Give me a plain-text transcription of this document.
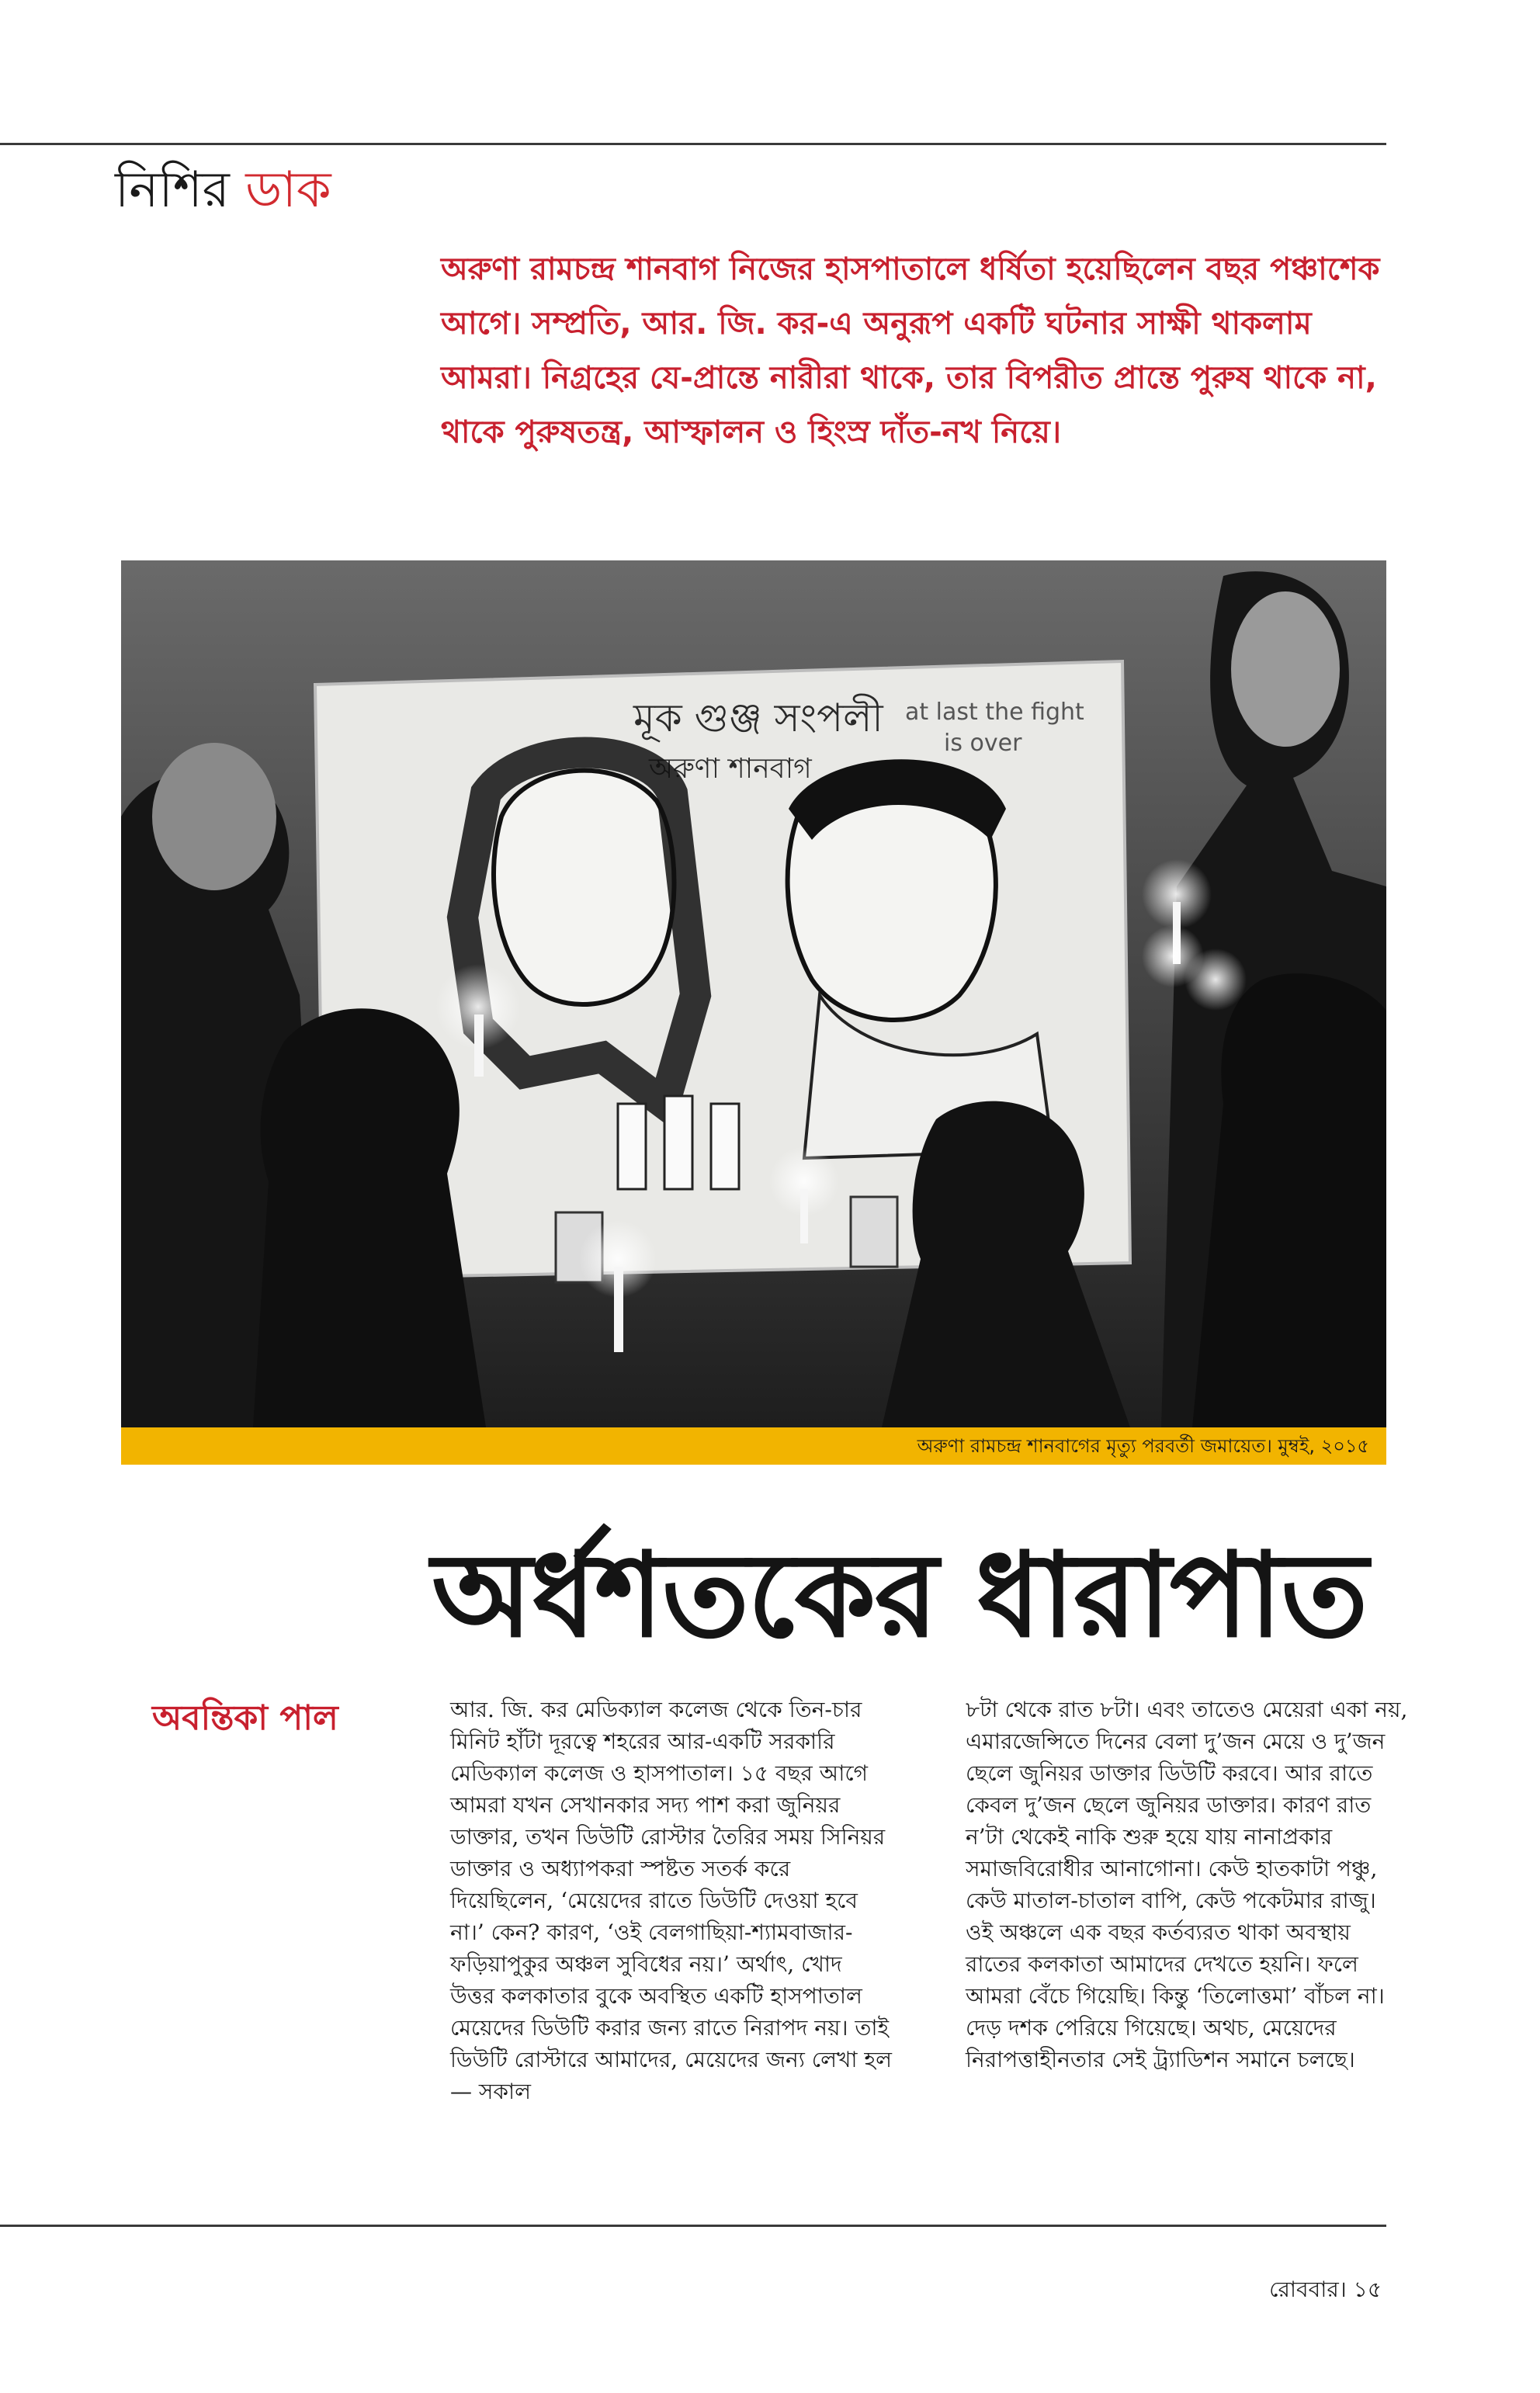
নিশির ডাক

অরুণা রামচন্দ্র শানবাগ নিজের হাসপাতালে ধর্ষিতা হয়েছিলেন বছর পঞ্চাশেক আগে। সম্প্রতি, আর. জি. কর-এ অনুরূপ একটি ঘটনার সাক্ষী থাকলাম আমরা। নিগ্রহের যে-প্রান্তে নারীরা থাকে, তার বিপরীত প্রান্তে পুরুষ থাকে না, থাকে পুরুষতন্ত্র, আস্ফালন ও হিংস্র দাঁত-নখ নিয়ে।

মূক গুঞ্জ সংপলী
অরুণা শানবাগ
at last the fight
is over
অরুণা রামচন্দ্র শানবাগের মৃত্যু পরবর্তী জমায়েত। মুম্বই, ২০১৫
অর্ধশতকের ধারাপাত
অবন্তিকা পাল	আর. জি. কর মেডিক্যাল কলেজ থেকে তিন-চার মিনিট হাঁটা দূরত্বে শহরের আর-একটি সরকারি মেডিক্যাল কলেজ ও হাসপাতাল। ১৫ বছর আগে আমরা যখন সেখানকার সদ্য পাশ করা জুনিয়র ডাক্তার, তখন ডিউটি রোস্টার তৈরির সময় সিনিয়র ডাক্তার ও অধ্যাপকরা স্পষ্টত সতর্ক করে দিয়েছিলেন, ‘মেয়েদের রাতে ডিউটি দেওয়া হবে না।’ কেন? কারণ, ‘ওই বেলগাছিয়া-শ্যামবাজার-ফড়িয়াপুকুর অঞ্চল সুবিধের নয়।’ অর্থাৎ, খোদ উত্তর কলকাতার বুকে অবস্থিত একটি হাসপাতাল মেয়েদের ডিউটি করার জন্য রাতে নিরাপদ নয়। তাই ডিউটি রোস্টারে আমাদের, মেয়েদের জন্য লেখা হল— সকাল

৮টা থেকে রাত ৮টা। এবং তাতেও মেয়েরা একা নয়, এমারজেন্সিতে দিনের বেলা দু’জন মেয়ে ও দু’জন ছেলে জুনিয়র ডাক্তার ডিউটি করবে। আর রাতে কেবল দু’জন ছেলে জুনিয়র ডাক্তার। কারণ রাত ন’টা থেকেই নাকি শুরু হয়ে যায় নানাপ্রকার সমাজবিরোধীর আনাগোনা। কেউ হাতকাটা পঞ্চু, কেউ মাতাল-চাতাল বাপি, কেউ পকেটমার রাজু। ওই অঞ্চলে এক বছর কর্তব্যরত থাকা অবস্থায় রাতের কলকাতা আমাদের দেখতে হয়নি। ফলে আমরা বেঁচে গিয়েছি। কিন্তু ‘তিলোত্তমা’ বাঁচল না। দেড় দশক পেরিয়ে গিয়েছে। অথচ, মেয়েদের নিরাপত্তাহীনতার সেই ট্র্যাডিশন সমানে চলছে।

রোববার। ১৫
